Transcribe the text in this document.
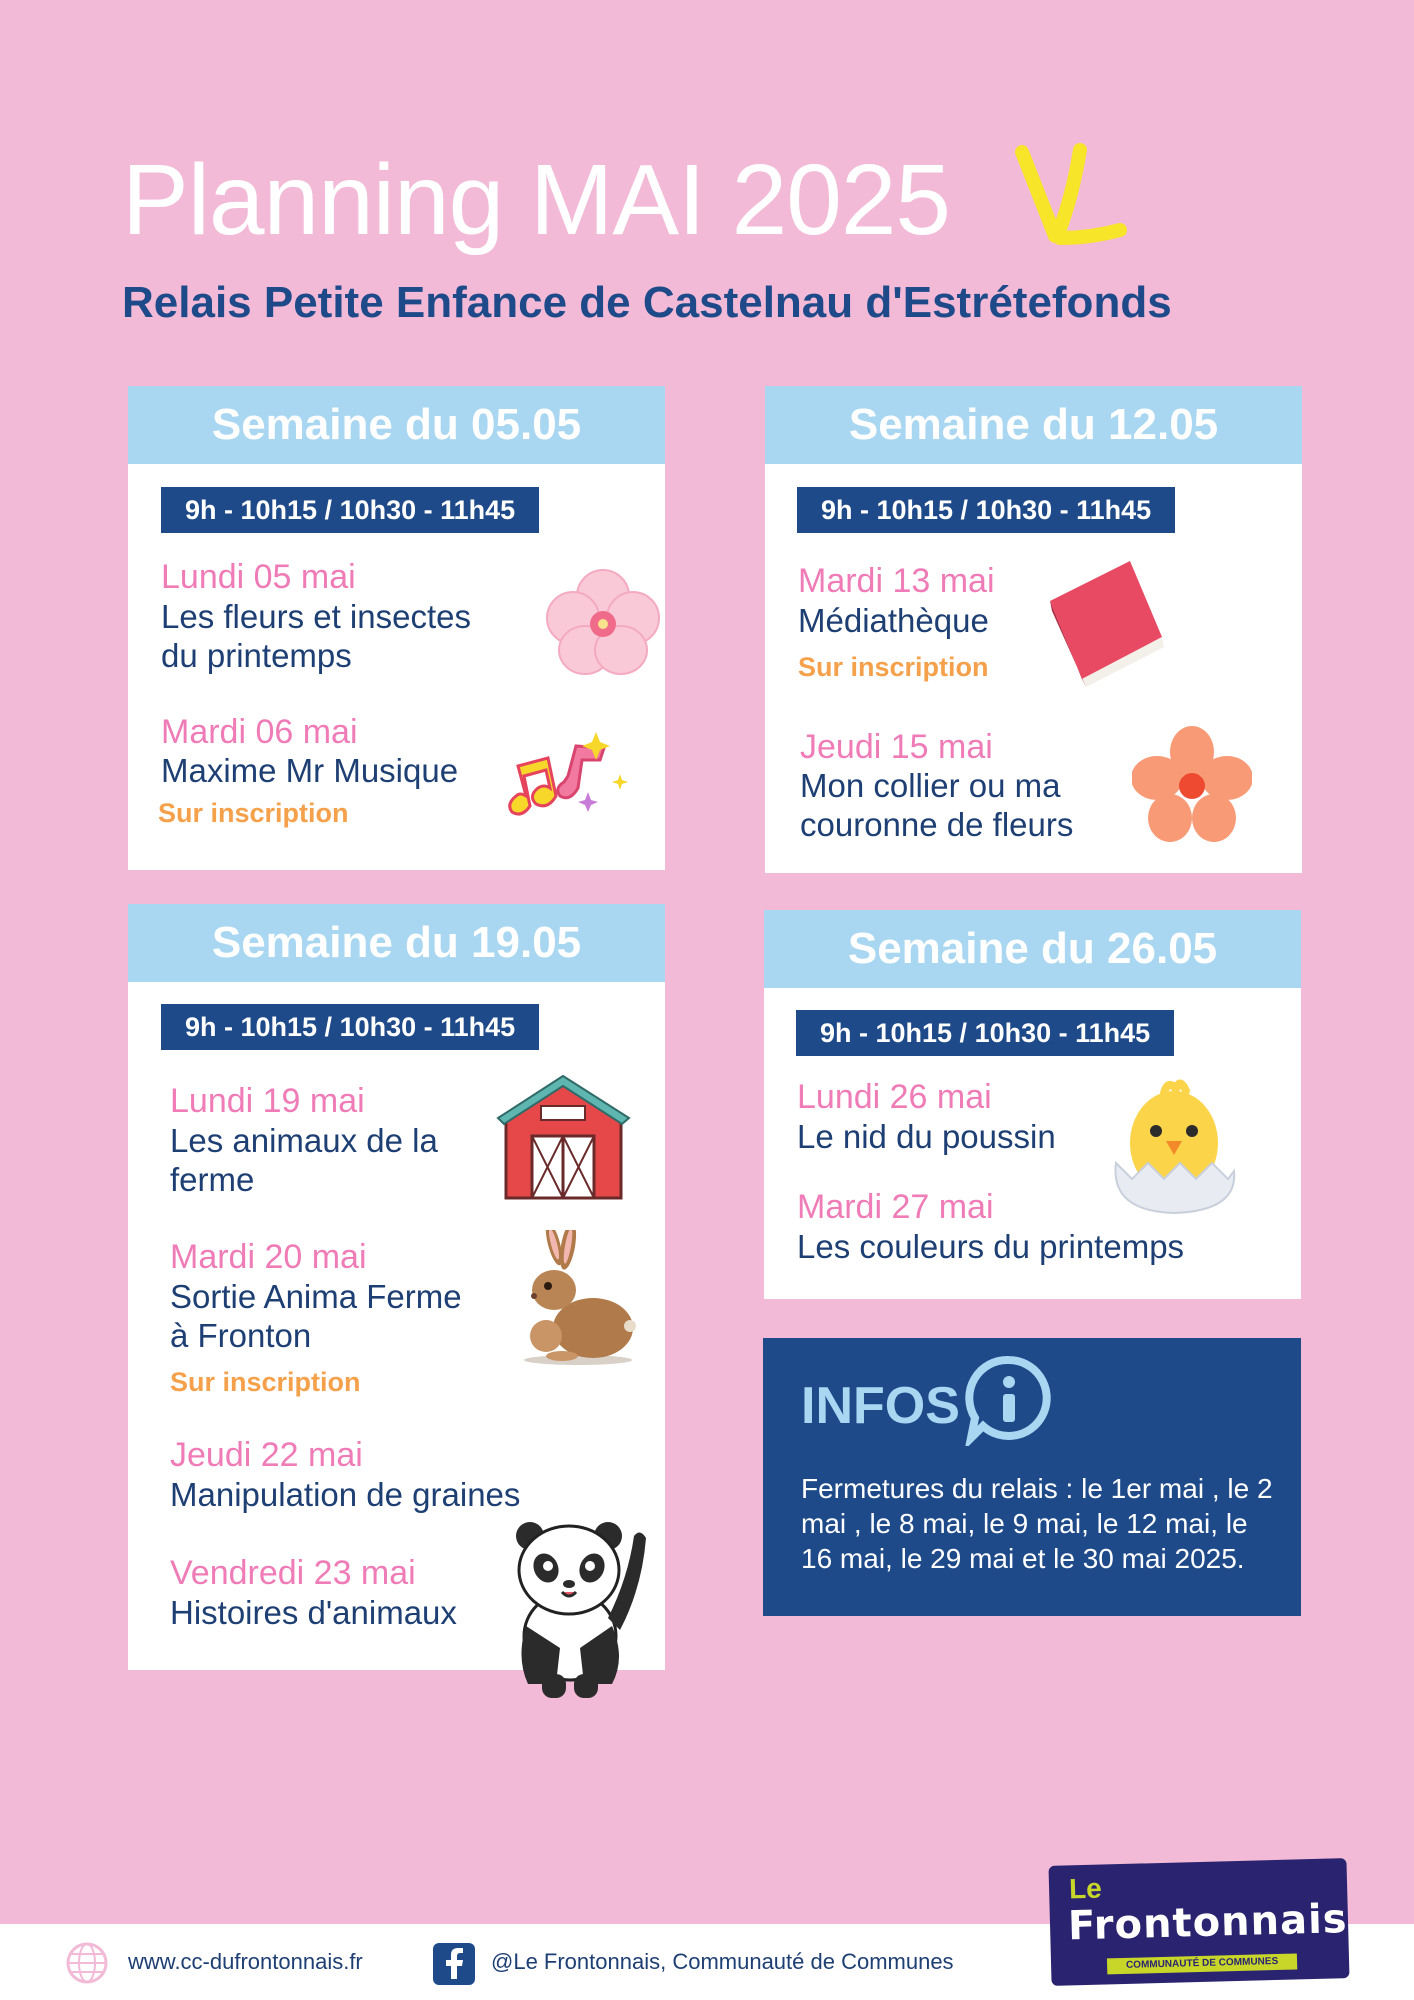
Planning MAI 2025
Relais Petite Enfance de Castelnau d'Estrétefonds
Semaine du 05.05
9h - 10h15 / 10h30 - 11h45
Lundi 05 mai
Les fleurs et insectes
du printemps
Mardi 06 mai
Maxime Mr Musique
Sur inscription
Semaine du 12.05
9h - 10h15 / 10h30 - 11h45
Mardi 13 mai
Médiathèque
Sur inscription
Jeudi 15 mai
Mon collier ou ma
couronne de fleurs
Semaine du 19.05
9h - 10h15 / 10h30 - 11h45
Lundi 19 mai
Les animaux de la
ferme
Mardi 20 mai
Sortie Anima Ferme
à Fronton
Sur inscription
Jeudi 22 mai
Manipulation de graines
Vendredi 23 mai
Histoires d'animaux
Semaine du 26.05
9h - 10h15 / 10h30 - 11h45
Lundi 26 mai
Le nid du poussin
Mardi 27 mai
Les couleurs du printemps
INFOS
Fermetures du relais : le 1er mai , le 2 mai , le 8 mai, le 9 mai, le 12 mai, le 16 mai, le 29 mai et le 30 mai 2025.
www.cc-dufrontonnais.fr	@Le Frontonnais, Communauté de Communes
Le
Frontonnais
COMMUNAUTÉ DE COMMUNES
